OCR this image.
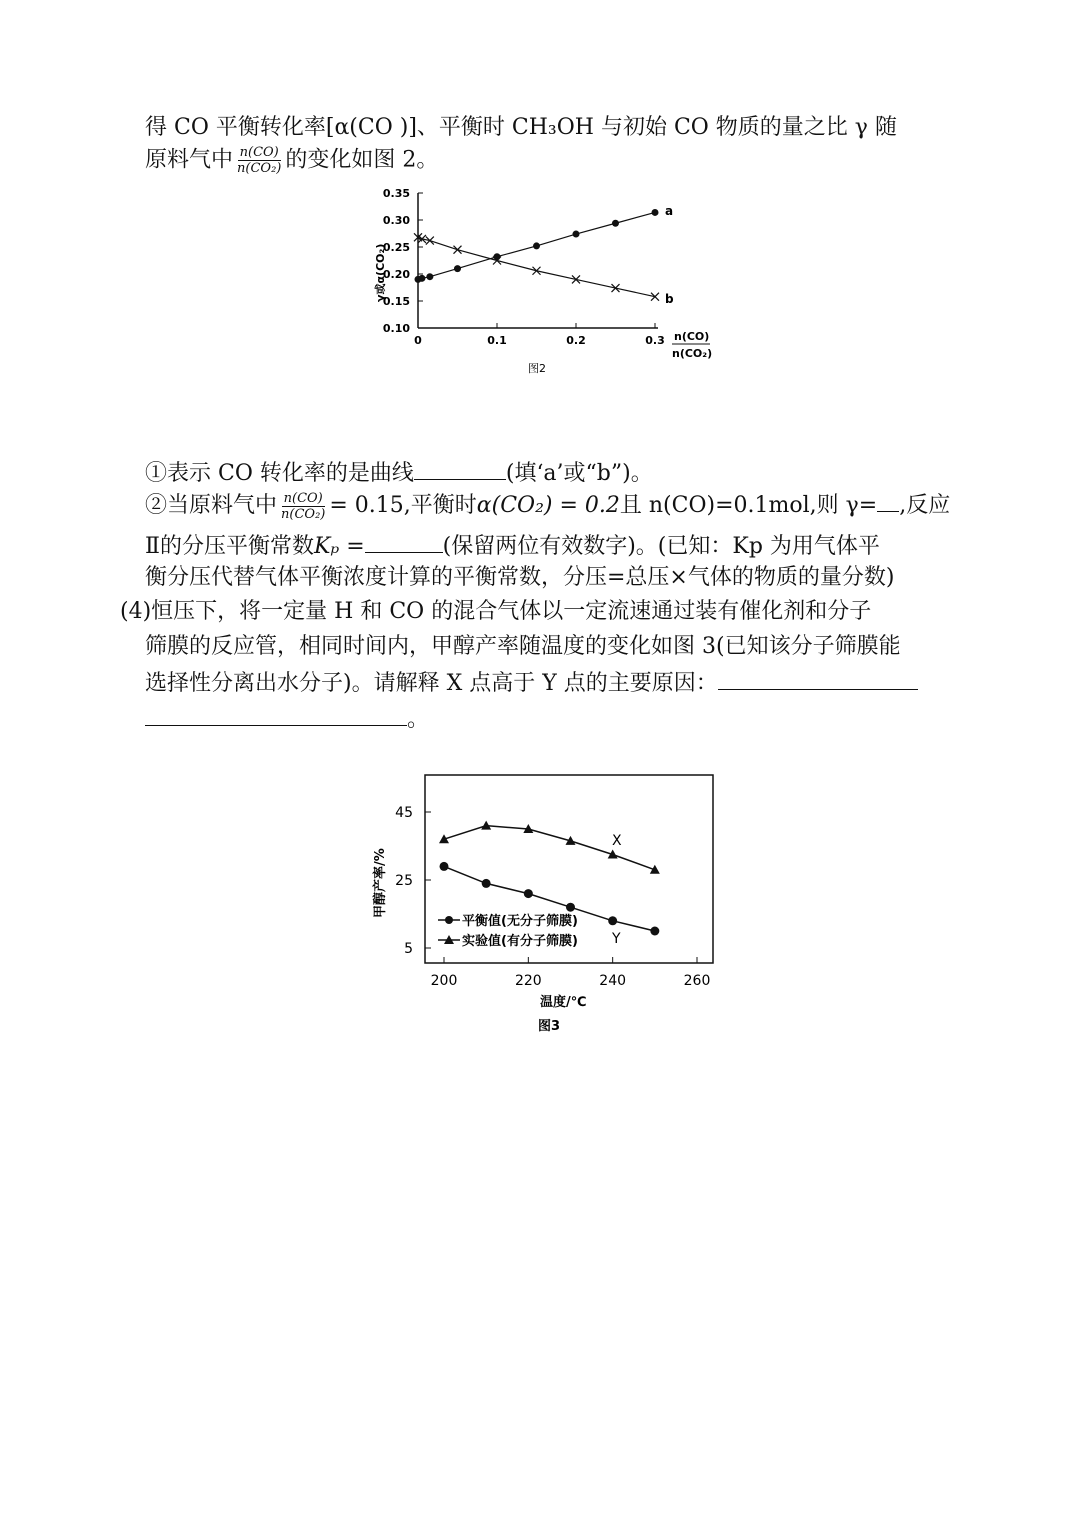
得 CO 平衡转化率[α(CO )]、平衡时 CH₃OH 与初始 CO 物质的量之比 γ 随
原料气中 $\frac{n(CO)}{\text{n(CO₂)}}$ 的变化如图 2。
0.35
0.30
0.25
0.20
0.15
0.10
0	0.1	0.2	0.3
a
b
γ或α(CO₂)
n(CO)
n(CO₂)
图2
①表示 CO 转化率的是曲线	(填‘a’或“b”)。
②当原料气中 $\frac{n(CO)}{\text{n(CO₂)}} = 0.15$,平衡时α(CO₂) = 0.2且 n(CO)=0.1mol,则 γ= ,反应
Ⅱ的分压平衡常数Kₚ =	(保留两位有效数字)。(已知：Kp 为用气体平
衡分压代替气体平衡浓度计算的平衡常数，分压=总压×气体的物质的量分数)
(4)恒压下，将一定量 H 和 CO 的混合气体以一定流速通过装有催化剂和分子
筛膜的反应管，相同时间内，甲醇产率随温度的变化如图 3(已知该分子筛膜能
选择性分离出水分子)。请解释 X 点高于 Y 点的主要原因：
。
45
25
5
200	220	240	260
X
Y
平衡值(无分子筛膜)
实验值(有分子筛膜)
甲醇产率/%
温度/℃
图3
